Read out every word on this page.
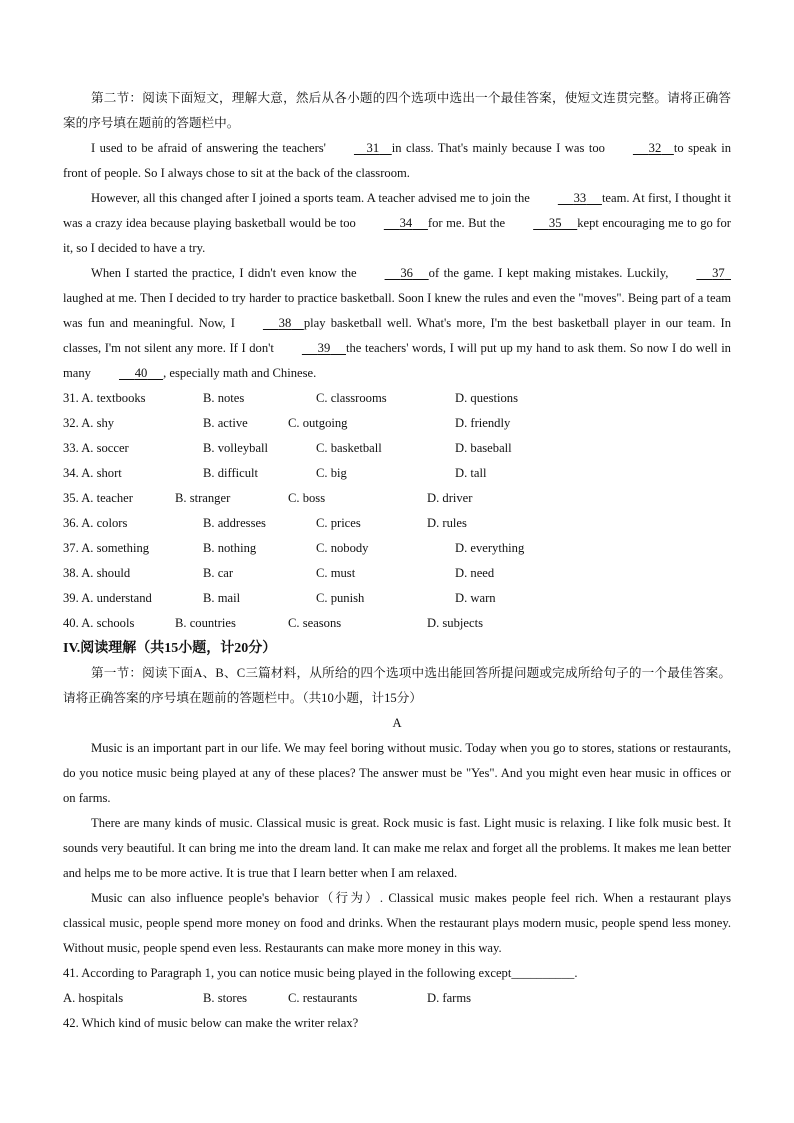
第二节：阅读下面短文，理解大意，然后从各小题的四个选项中选出一个最佳答案，使短文连贯完整。请将正确答案的序号填在题前的答题栏中。

I used to be afraid of answering the teachers'	31 in class. That's mainly because I was too	32 to speak in front of people. So I always chose to sit at the back of the classroom.

However, all this changed after I joined a sports team. A teacher advised me to join the	33 team. At first, I thought it was a crazy idea because playing basketball would be too	34 for me. But the	35 kept encouraging me to go for it, so I decided to have a try.

When I started the practice, I didn't even know the	36 of the game. I kept making mistakes. Luckily,	37  laughed at me. Then I decided to try harder to practice basketball. Soon I knew the rules and even the "moves". Being part of a team was fun and meaningful. Now, I	38 play basketball well. What's more, I'm the best basketball player in our team. In classes, I'm not silent any more. If I don't	39 the teachers' words, I will put up my hand to ask them. So now I do well in many	40 , especially math and Chinese.

31. A. textbooks	B. notes	C. classrooms	D. questions
32. A. shy	B. active	C. outgoing	D. friendly
33. A. soccer	B. volleyball	C. basketball	D. baseball
34. A. short	B. difficult	C. big	D. tall
35. A. teacher	B. stranger	C. boss	D. driver
36. A. colors	B. addresses	C. prices	D. rules
37. A. something	B. nothing	C. nobody	D. everything
38. A. should	B. car	C. must	D. need
39. A. understand	B. mail	C. punish	D. warn
40. A. schools	B. countries	C. seasons	D. subjects

IV.阅读理解（共15小题，计20分）

第一节：阅读下面A、B、C三篇材料，从所给的四个选项中选出能回答所提问题或完成所给句子的一个最佳答案。请将正确答案的序号填在题前的答题栏中。（共10小题，计15分）

A

Music is an important part in our life. We may feel boring without music. Today when you go to stores, stations or restaurants, do you notice music being played at any of these places? The answer must be "Yes". And you might even hear music in offices or on farms.

There are many kinds of music. Classical music is great. Rock music is fast. Light music is relaxing. I like folk music best. It sounds very beautiful. It can bring me into the dream land. It can make me relax and forget all the problems. It makes me lean better and helps me to be more active. It is true that I learn better when I am relaxed.

Music can also influence people's behavior（行为）. Classical music makes people feel rich. When a restaurant plays classical music, people spend more money on food and drinks. When the restaurant plays modern music, people spend less money. Without music, people spend even less. Restaurants can make more money in this way.

41. According to Paragraph 1, you can notice music being played in the following except__________.

A. hospitals	B. stores	C. restaurants	D. farms

42. Which kind of music below can make the writer relax?
